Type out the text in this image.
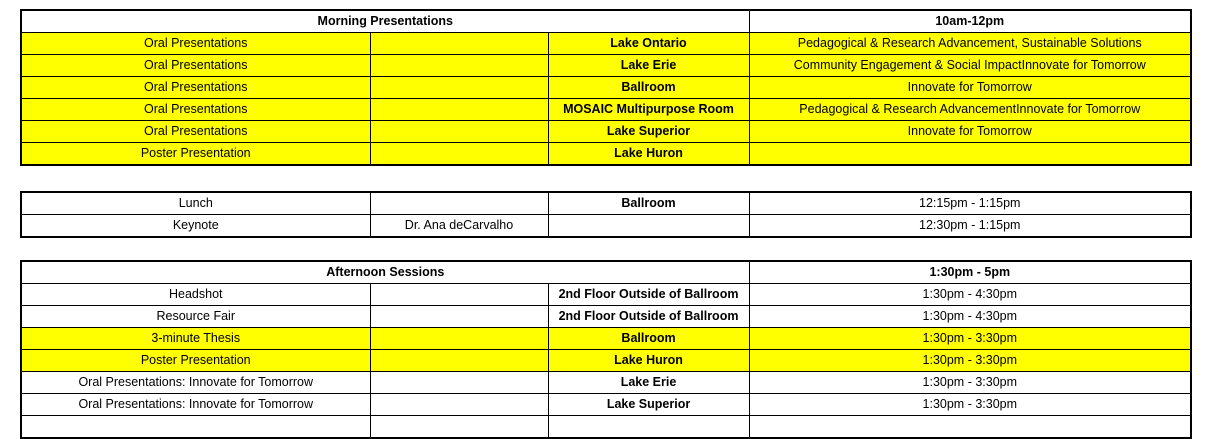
Morning Presentations			10am-12pm
Oral Presentations		Lake Ontario	Pedagogical & Research Advancement, Sustainable Solutions
Oral Presentations		Lake Erie	Community Engagement & Social ImpactInnovate for Tomorrow
Oral Presentations		Ballroom	Innovate for Tomorrow
Oral Presentations		MOSAIC Multipurpose Room	Pedagogical & Research AdvancementInnovate for Tomorrow
Oral Presentations		Lake Superior	Innovate for Tomorrow
Poster Presentation		Lake Huron	
Lunch		Ballroom	12:15pm - 1:15pm
Keynote	Dr. Ana deCarvalho		12:30pm - 1:15pm
Afternoon Sessions			1:30pm - 5pm
Headshot		2nd Floor Outside of Ballroom	1:30pm - 4:30pm
Resource Fair		2nd Floor Outside of Ballroom	1:30pm - 4:30pm
3-minute Thesis		Ballroom	1:30pm - 3:30pm
Poster Presentation		Lake Huron	1:30pm - 3:30pm
Oral Presentations: Innovate for Tomorrow		Lake Erie	1:30pm - 3:30pm
Oral Presentations: Innovate for Tomorrow		Lake Superior	1:30pm - 3:30pm
